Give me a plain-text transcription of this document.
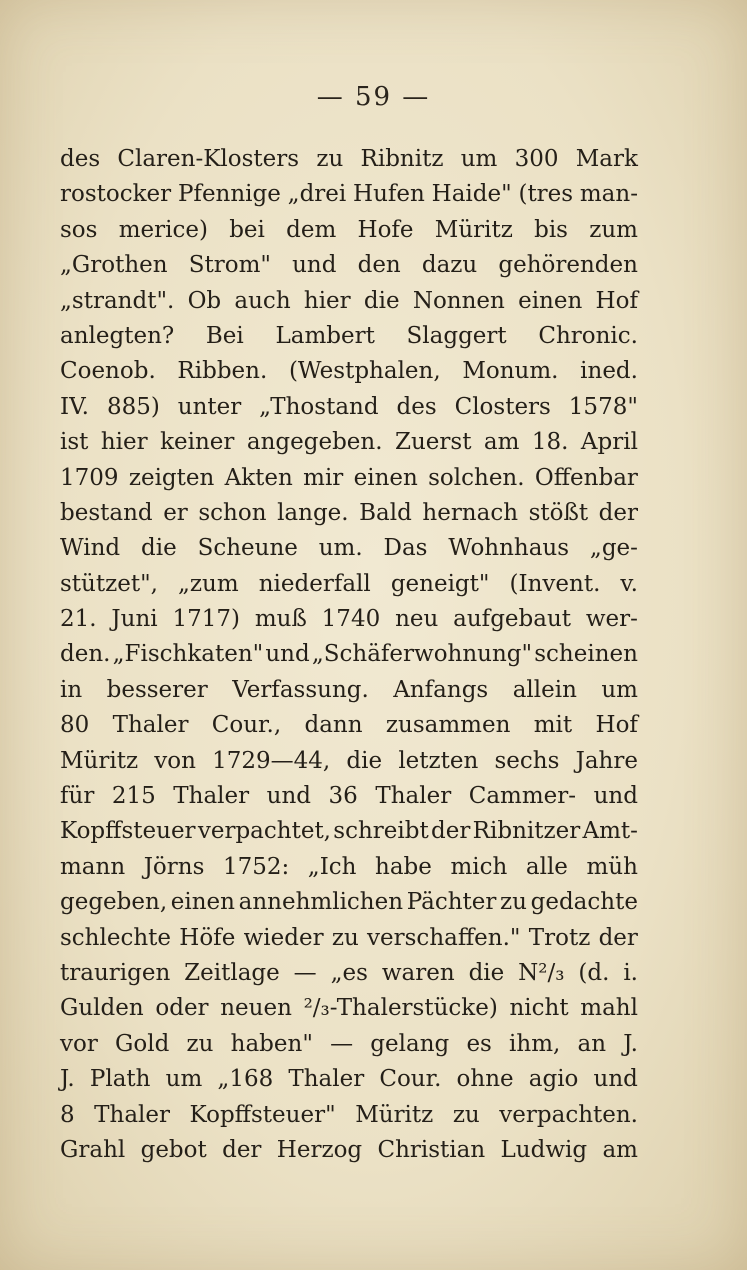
— 59 —
des Claren-Klosters zu Ribnitz um 300 Mark
rostocker Pfennige „drei Hufen Haide" (tres man-
sos merice) bei dem Hofe Müritz bis zum
„Grothen Strom" und den dazu gehörenden
„strandt". Ob auch hier die Nonnen einen Hof
anlegten? Bei Lambert Slaggert Chronic.
Coenob. Ribben. (Westphalen, Monum. ined.
IV. 885) unter „Thostand des Closters 1578"
ist hier keiner angegeben. Zuerst am 18. April
1709 zeigten Akten mir einen solchen. Offenbar
bestand er schon lange. Bald hernach stößt der
Wind die Scheune um. Das Wohnhaus „ge-
stützet", „zum niederfall geneigt" (Invent. v.
21. Juni 1717) muß 1740 neu aufgebaut wer-
den. „Fischkaten" und „Schäferwohnung" scheinen
in besserer Verfassung. Anfangs allein um
80 Thaler Cour., dann zusammen mit Hof
Müritz von 1729—44, die letzten sechs Jahre
für 215 Thaler und 36 Thaler Cammer- und
Kopffsteuer verpachtet, schreibt der Ribnitzer Amt-
mann Jörns 1752: „Ich habe mich alle müh
gegeben, einen annehmlichen Pächter zu gedachte
schlechte Höfe wieder zu verschaffen." Trotz der
traurigen Zeitlage — „es waren die N²/₃ (d. i.
Gulden oder neuen ²/₃-Thalerstücke) nicht mahl
vor Gold zu haben" — gelang es ihm, an J.
J. Plath um „168 Thaler Cour. ohne agio und
8 Thaler Kopffsteuer" Müritz zu verpachten.
Grahl gebot der Herzog Christian Ludwig am
